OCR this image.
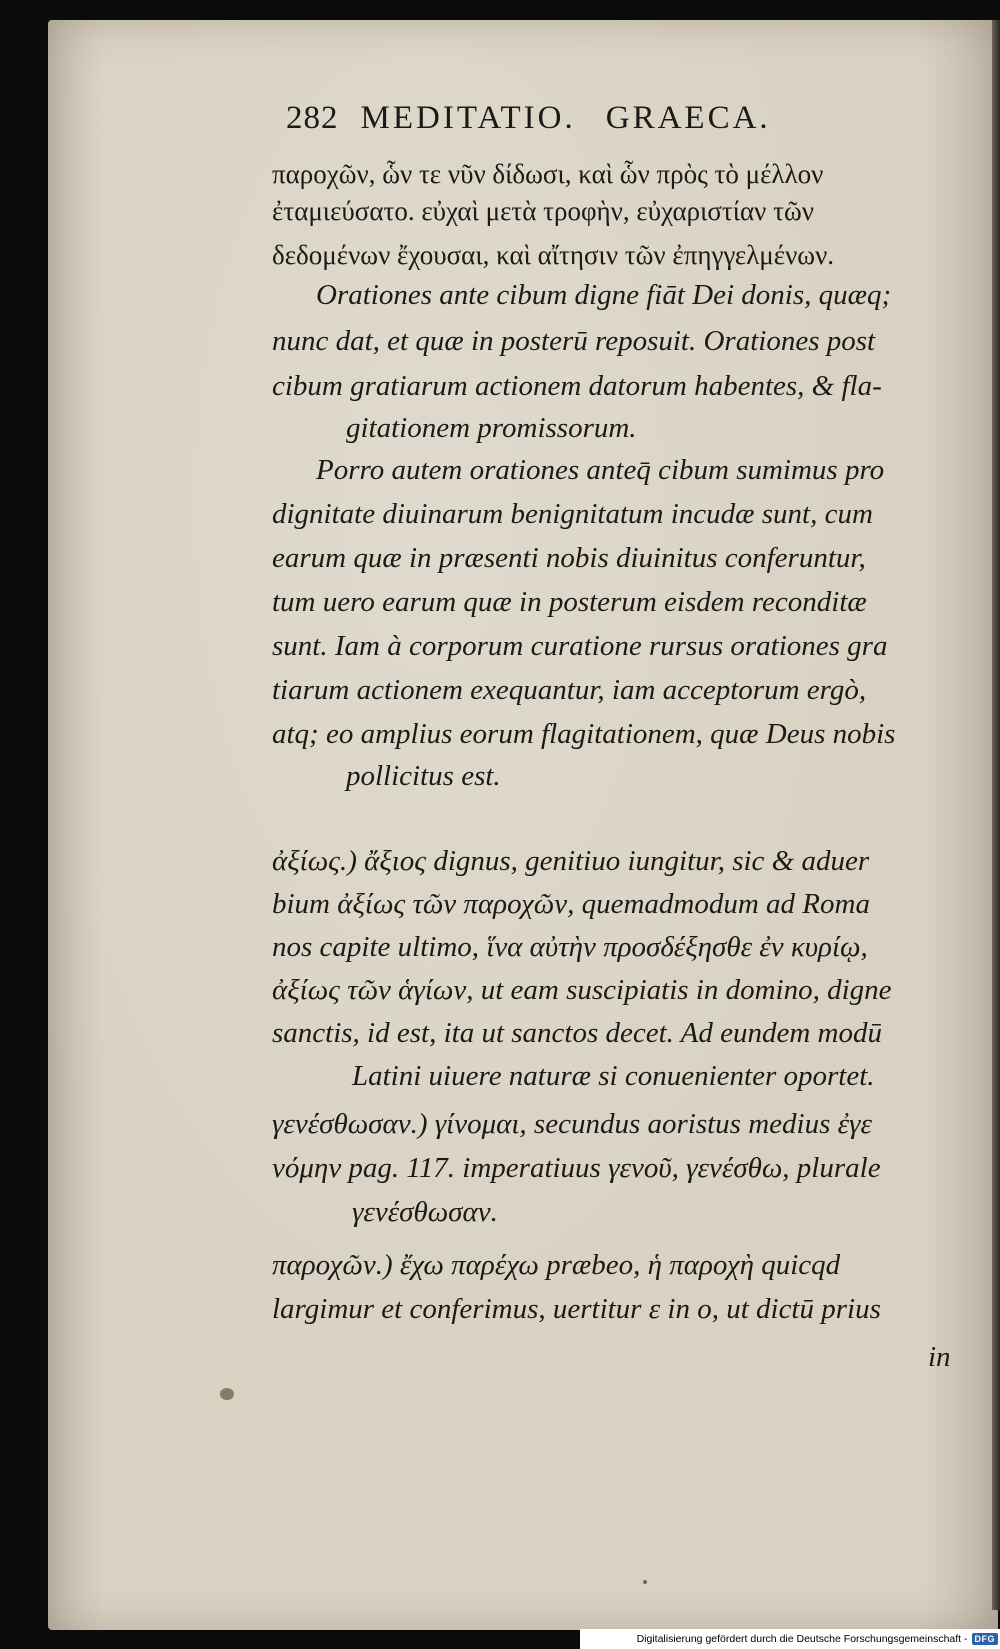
282 MEDITATIO. GRAECA.
παροχῶν, ὧν τε νῦν δίδωσι, καὶ ὧν πρὸς τὸ μέλλον
ἐταμιεύσατο. εὐχαὶ μετὰ τροφὴν, εὐχαριστίαν τῶν
δεδομένων ἔχουσαι, καὶ αἴτησιν τῶν ἐπηγγελμένων.
Orationes ante cibum digne fiāt Dei donis, quæq;
nunc dat, et quæ in posterū reposuit. Orationes post
cibum gratiarum actionem datorum habentes, & fla-
gitationem promissorum.
Porro autem orationes anteq̄ cibum sumimus pro
dignitate diuinarum benignitatum incudæ sunt, cum
earum quæ in præsenti nobis diuinitus conferuntur,
tum uero earum quæ in posterum eisdem reconditæ
sunt. Iam à corporum curatione rursus orationes gra
tiarum actionem exequantur, iam acceptorum ergò,
atq; eo amplius eorum flagitationem, quæ Deus nobis
pollicitus est.
ἀξίως.) ἄξιος dignus, genitiuo iungitur, sic & aduer
bium ἀξίως τῶν παροχῶν, quemadmodum ad Roma
nos capite ultimo, ἵνα αὐτὴν προσδέξησθε ἐν κυρίῳ,
ἀξίως τῶν ἁγίων, ut eam suscipiatis in domino, digne
sanctis, id est, ita ut sanctos decet. Ad eundem modū
Latini uiuere naturæ si conuenienter oportet.
γενέσθωσαν.) γίνομαι, secundus aoristus medius ἐγε
νόμην pag. 117. imperatiuus γενοῦ, γενέσθω, plurale
γενέσθωσαν.
παροχῶν.) ἔχω παρέχω præbeo, ἡ παροχὴ quicqd
largimur et conferimus, uertitur ε in ο, ut dictū prius
in
Digitalisierung gefördert durch die Deutsche Forschungsgemeinschaft - DFG
